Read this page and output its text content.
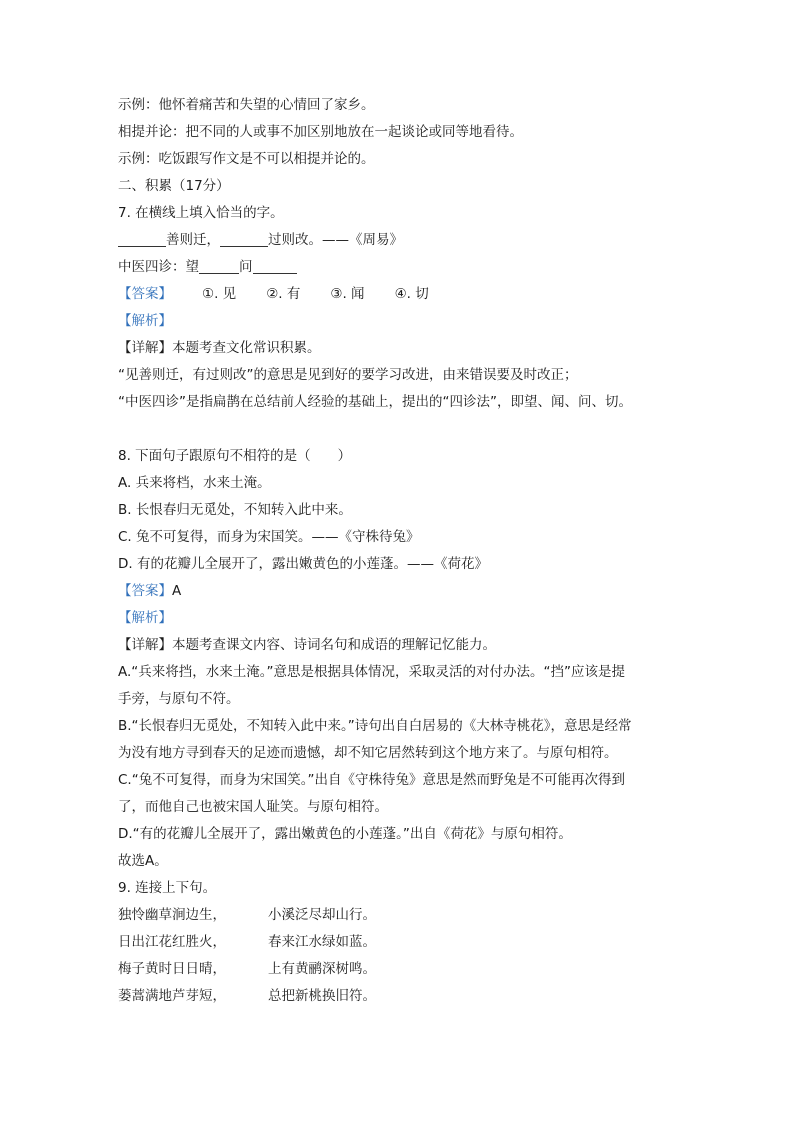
示例：他怀着痛苦和失望的心情回了家乡。
相提并论：把不同的人或事不加区别地放在一起谈论或同等地看待。
示例：吃饭跟写作文是不可以相提并论的。
二、积累（17分）
7. 在横线上填入恰当的字。
善则迁，	过则改。——《周易》
中医四诊：望	问
【答案】 ①. 见 ②. 有 ③. 闻 ④. 切
【解析】
【详解】本题考查文化常识积累。
“见善则迁，有过则改”的意思是见到好的要学习改进，由来错误要及时改正；
“中医四诊”是指扁鹊在总结前人经验的基础上，提出的“四诊法”，即望、闻、问、切。
8. 下面句子跟原句不相符的是（　　）
A. 兵来将档，水来土淹。
B. 长恨春归无觅处，不知转入此中来。
C. 兔不可复得，而身为宋国笑。——《守株待兔》
D. 有的花瓣儿全展开了，露出嫩黄色的小莲蓬。——《荷花》
【答案】A
【解析】
【详解】本题考查课文内容、诗词名句和成语的理解记忆能力。
A.“兵来将挡，水来土淹。”意思是根据具体情况，采取灵活的对付办法。“挡”应该是提
手旁，与原句不符。
B.“长恨春归无觅处，不知转入此中来。”诗句出自白居易的《大林寺桃花》，意思是经常
为没有地方寻到春天的足迹而遗憾，却不知它居然转到这个地方来了。与原句相符。
C.“兔不可复得，而身为宋国笑。”出自《守株待兔》意思是然而野兔是不可能再次得到
了，而他自己也被宋国人耻笑。与原句相符。
D.“有的花瓣儿全展开了，露出嫩黄色的小莲蓬。”出自《荷花》与原句相符。
故选A。
9. 连接上下句。
独怜幽草涧边生，	小溪泛尽却山行。
日出江花红胜火，	春来江水绿如蓝。
梅子黄时日日晴，	上有黄鹂深树鸣。
蒌蒿满地芦芽短，	总把新桃换旧符。
